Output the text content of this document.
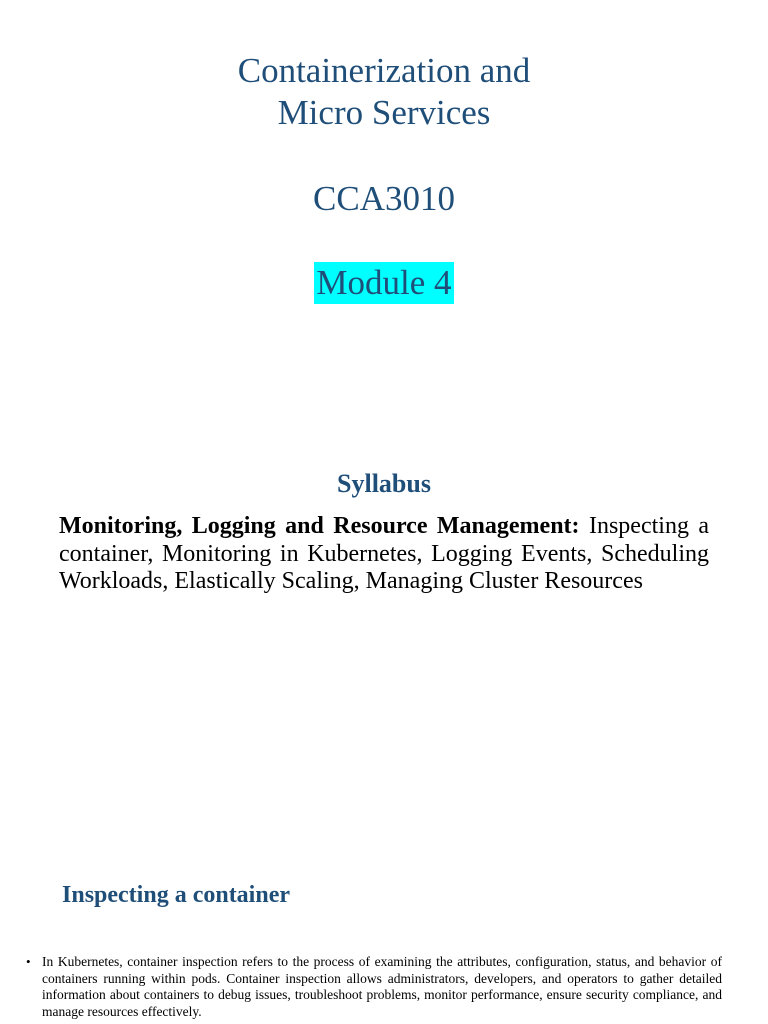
Containerization and
Micro Services
CCA3010
Module 4
Syllabus
Monitoring, Logging and Resource Management: Inspecting a container, Monitoring in Kubernetes, Logging Events, Scheduling Workloads, Elastically Scaling, Managing Cluster Resources
Inspecting a container
• In Kubernetes, container inspection refers to the process of examining the attributes, configuration, status, and behavior of containers running within pods. Container inspection allows administrators, developers, and operators to gather detailed information about containers to debug issues, troubleshoot problems, monitor performance, ensure security compliance, and manage resources effectively.
